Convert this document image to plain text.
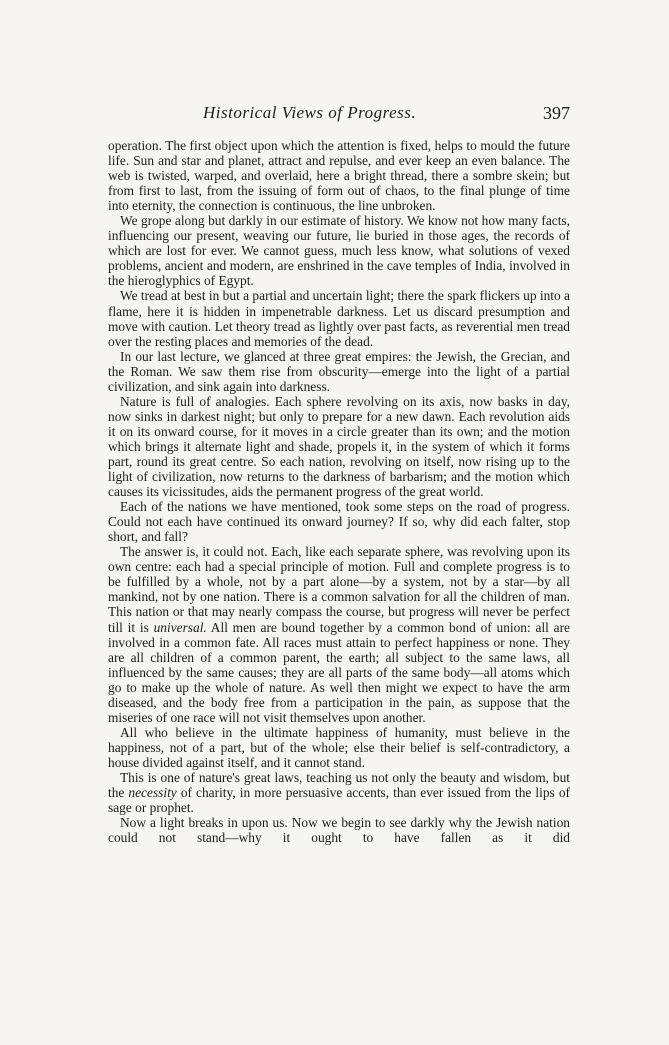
Historical Views of Progress.	397

operation. The first object upon which the attention is fixed, helps to mould the future life. Sun and star and planet, attract and repulse, and ever keep an even balance. The web is twisted, warped, and overlaid, here a bright thread, there a sombre skein; but from first to last, from the issuing of form out of chaos, to the final plunge of time into eternity, the connection is continuous, the line unbroken.

We grope along but darkly in our estimate of history. We know not how many facts, influencing our present, weaving our future, lie buried in those ages, the records of which are lost for ever. We cannot guess, much less know, what solutions of vexed problems, ancient and modern, are enshrined in the cave temples of India, involved in the hieroglyphics of Egypt.

We tread at best in but a partial and uncertain light; there the spark flickers up into a flame, here it is hidden in impenetrable darkness. Let us discard presumption and move with caution. Let theory tread as lightly over past facts, as reverential men tread over the resting places and memories of the dead.

In our last lecture, we glanced at three great empires: the Jewish, the Grecian, and the Roman. We saw them rise from obscurity—emerge into the light of a partial civilization, and sink again into darkness.

Nature is full of analogies. Each sphere revolving on its axis, now basks in day, now sinks in darkest night; but only to prepare for a new dawn. Each revolution aids it on its onward course, for it moves in a circle greater than its own; and the motion which brings it alternate light and shade, propels it, in the system of which it forms part, round its great centre. So each nation, revolving on itself, now rising up to the light of civilization, now returns to the darkness of barbarism; and the motion which causes its vicissitudes, aids the permanent progress of the great world.

Each of the nations we have mentioned, took some steps on the road of progress. Could not each have continued its onward journey? If so, why did each falter, stop short, and fall?

The answer is, it could not. Each, like each separate sphere, was revolving upon its own centre: each had a special principle of motion. Full and complete progress is to be fulfilled by a whole, not by a part alone—by a system, not by a star—by all mankind, not by one nation. There is a common salvation for all the children of man. This nation or that may nearly compass the course, but progress will never be perfect till it is universal. All men are bound together by a common bond of union: all are involved in a common fate. All races must attain to perfect happiness or none. They are all children of a common parent, the earth; all subject to the same laws, all influenced by the same causes; they are all parts of the same body—all atoms which go to make up the whole of nature. As well then might we expect to have the arm diseased, and the body free from a participation in the pain, as suppose that the miseries of one race will not visit themselves upon another.

All who believe in the ultimate happiness of humanity, must believe in the happiness, not of a part, but of the whole; else their belief is self-contradictory, a house divided against itself, and it cannot stand.

This is one of nature's great laws, teaching us not only the beauty and wisdom, but the necessity of charity, in more persuasive accents, than ever issued from the lips of sage or prophet.

Now a light breaks in upon us. Now we begin to see darkly why the Jewish nation could not stand—why it ought to have fallen as it did
